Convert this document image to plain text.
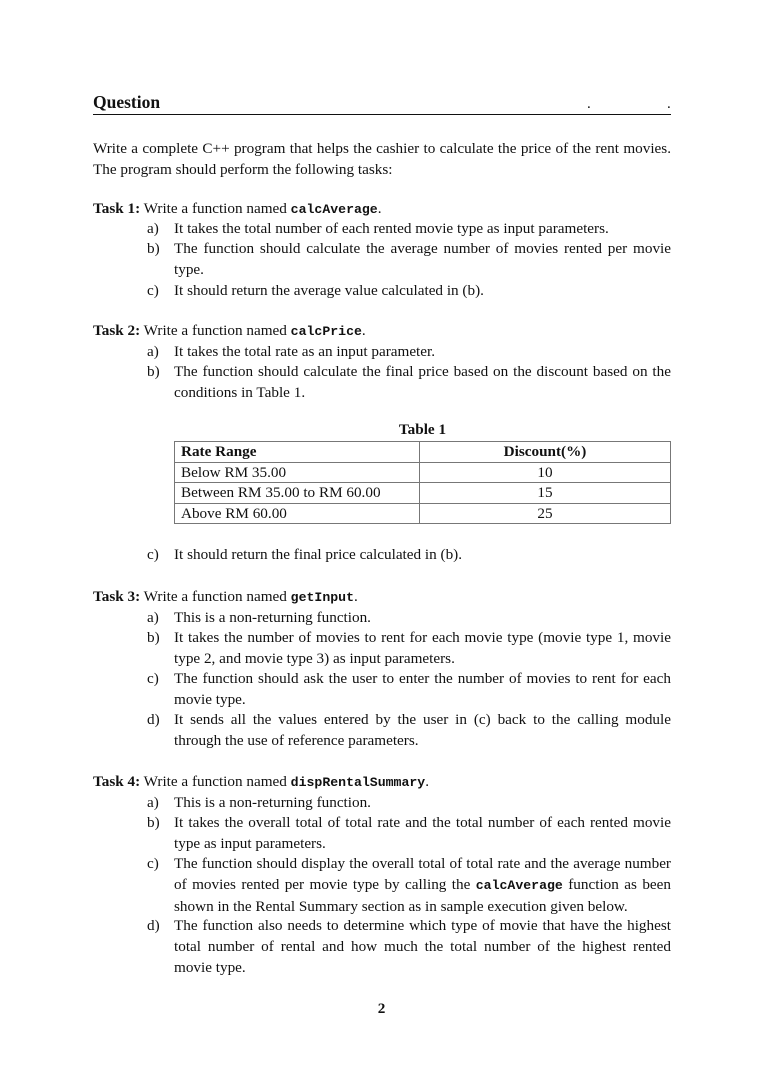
Question	.	.

Write a complete C++ program that helps the cashier to calculate the price of the rent movies. The program should perform the following tasks:

Task 1: Write a function named calcAverage.
a) It takes the total number of each rented movie type as input parameters.
b) The function should calculate the average number of movies rented per movie type.
c) It should return the average value calculated in (b).
Task 2: Write a function named calcPrice.
a) It takes the total rate as an input parameter.
b) The function should calculate the final price based on the discount based on the conditions in Table 1.
Table 1
Rate Range	Discount(%)
Below RM 35.00	10
Between RM 35.00 to RM 60.00	15
Above RM 60.00	25
c) It should return the final price calculated in (b).
Task 3: Write a function named getInput.
a) This is a non-returning function.
b) It takes the number of movies to rent for each movie type (movie type 1, movie type 2, and movie type 3) as input parameters.
c) The function should ask the user to enter the number of movies to rent for each movie type.
d) It sends all the values entered by the user in (c) back to the calling module through the use of reference parameters.
Task 4: Write a function named dispRentalSummary.
a) This is a non-returning function.
b) It takes the overall total of total rate and the total number of each rented movie type as input parameters.
c) The function should display the overall total of total rate and the average number of movies rented per movie type by calling the calcAverage function as been shown in the Rental Summary section as in sample execution given below.
d) The function also needs to determine which type of movie that have the highest total number of rental and how much the total number of the highest rented movie type.
2
